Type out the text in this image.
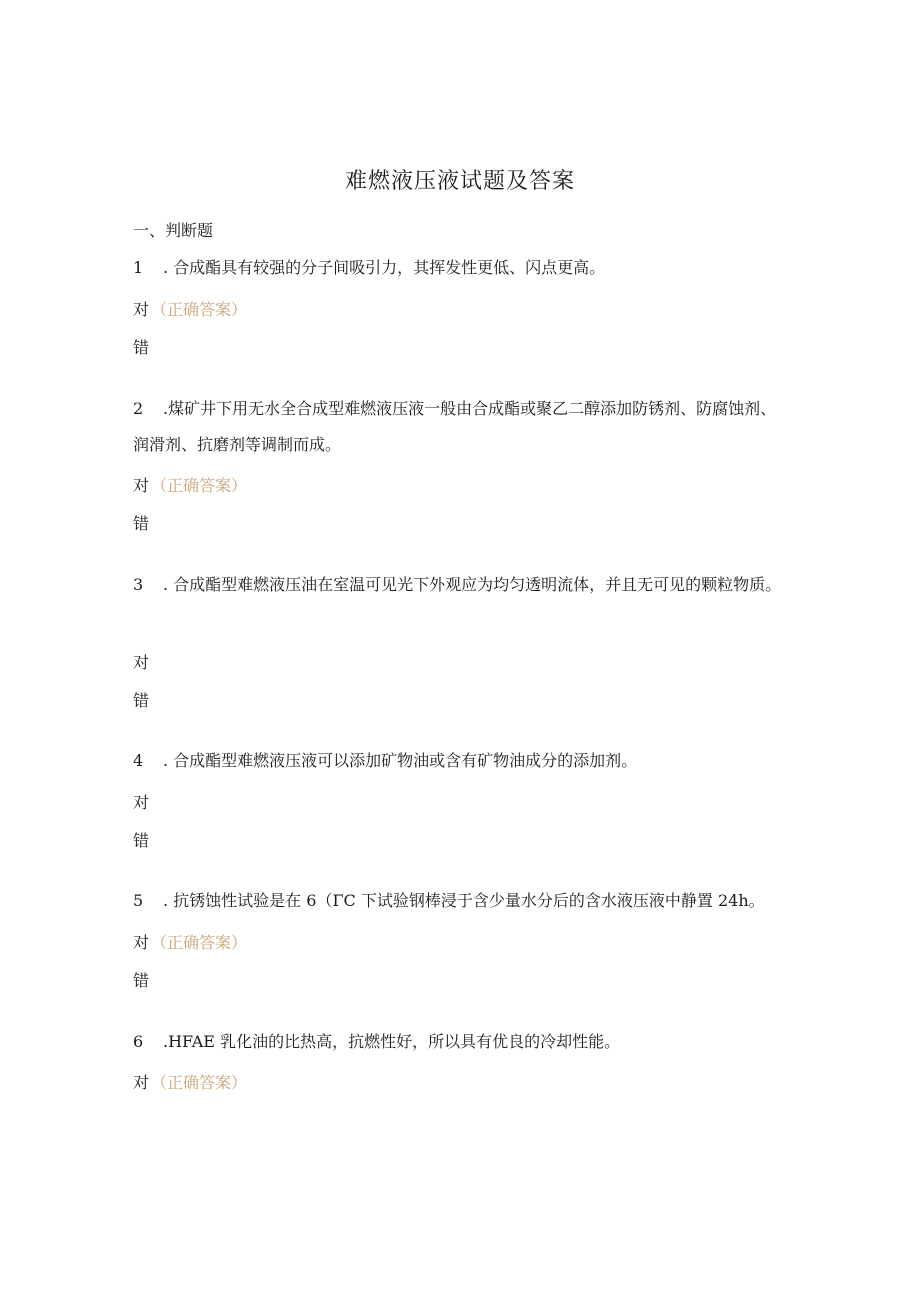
难燃液压液试题及答案
一、判断题

1 . 合成酯具有较强的分子间吸引力，其挥发性更低、闪点更高。

对 （正确答案）
错

2 .煤矿井下用无水全合成型难燃液压液一般由合成酯或聚乙二醇添加防锈剂、防腐蚀剂、润滑剂、抗磨剂等调制而成。

对 （正确答案）
错

3 . 合成酯型难燃液压油在室温可见光下外观应为均匀透明流体，并且无可见的颗粒物质。

对
错

4 . 合成酯型难燃液压液可以添加矿物油或含有矿物油成分的添加剂。

对
错

5 . 抗锈蚀性试验是在 6（ΓC 下试验钢棒浸于含少量水分后的含水液压液中静置 24h。

对 （正确答案）
错

6 .HFAE 乳化油的比热高，抗燃性好，所以具有优良的冷却性能。

对 （正确答案）
